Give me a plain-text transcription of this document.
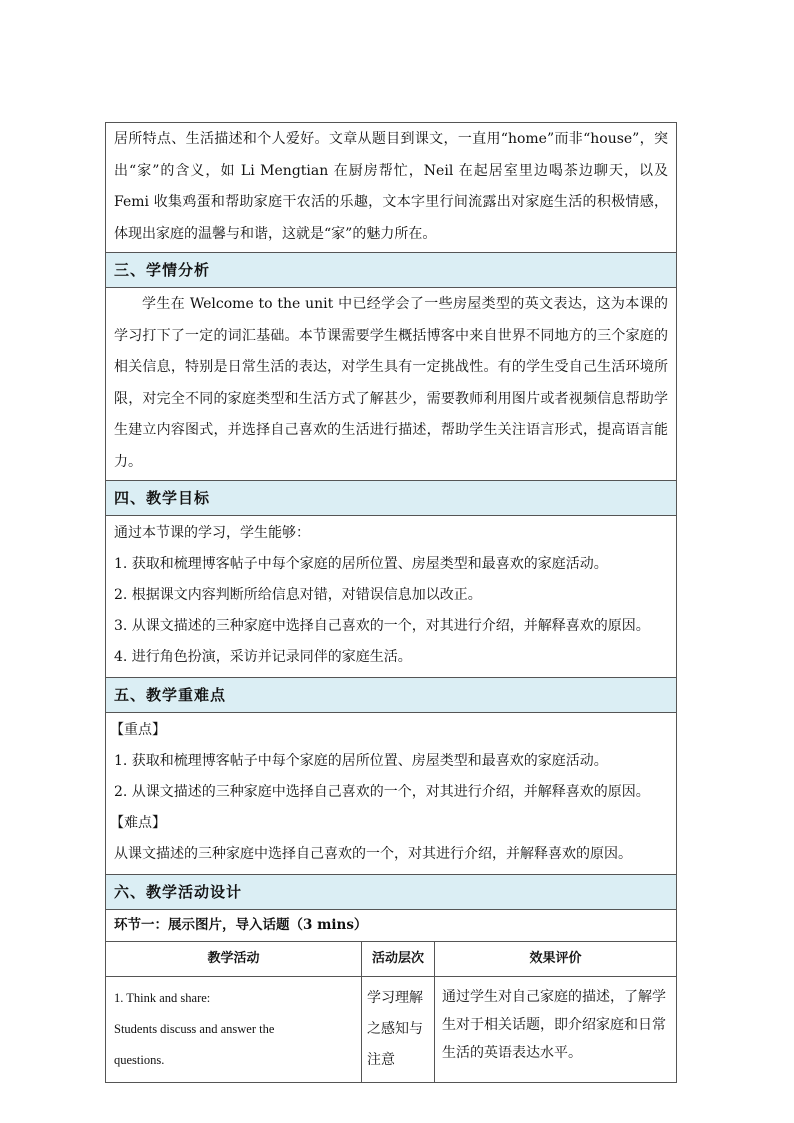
居所特点、生活描述和个人爱好。文章从题目到课文，一直用“home”而非“house”，突出“家”的含义，如 Li Mengtian 在厨房帮忙，Neil 在起居室里边喝茶边聊天，以及 Femi 收集鸡蛋和帮助家庭干农活的乐趣，文本字里行间流露出对家庭生活的积极情感，体现出家庭的温馨与和谐，这就是“家”的魅力所在。
三、学情分析
学生在 Welcome to the unit 中已经学会了一些房屋类型的英文表达，这为本课的学习打下了一定的词汇基础。本节课需要学生概括博客中来自世界不同地方的三个家庭的相关信息，特别是日常生活的表达，对学生具有一定挑战性。有的学生受自己生活环境所限，对完全不同的家庭类型和生活方式了解甚少，需要教师利用图片或者视频信息帮助学生建立内容图式，并选择自己喜欢的生活进行描述，帮助学生关注语言形式，提高语言能力。
四、教学目标
通过本节课的学习，学生能够：
1. 获取和梳理博客帖子中每个家庭的居所位置、房屋类型和最喜欢的家庭活动。
2. 根据课文内容判断所给信息对错，对错误信息加以改正。
3. 从课文描述的三种家庭中选择自己喜欢的一个，对其进行介绍，并解释喜欢的原因。
4. 进行角色扮演，采访并记录同伴的家庭生活。
五、教学重难点
【重点】
1. 获取和梳理博客帖子中每个家庭的居所位置、房屋类型和最喜欢的家庭活动。
2. 从课文描述的三种家庭中选择自己喜欢的一个，对其进行介绍，并解释喜欢的原因。
【难点】
从课文描述的三种家庭中选择自己喜欢的一个，对其进行介绍，并解释喜欢的原因。
六、教学活动设计
环节一：展示图片，导入话题（3 mins）
教学活动	活动层次	效果评价

1. Think and share:
Students discuss and answer the
questions.	学习理解之感知与注意	通过学生对自己家庭的描述，了解学生对于相关话题，即介绍家庭和日常生活的英语表达水平。
